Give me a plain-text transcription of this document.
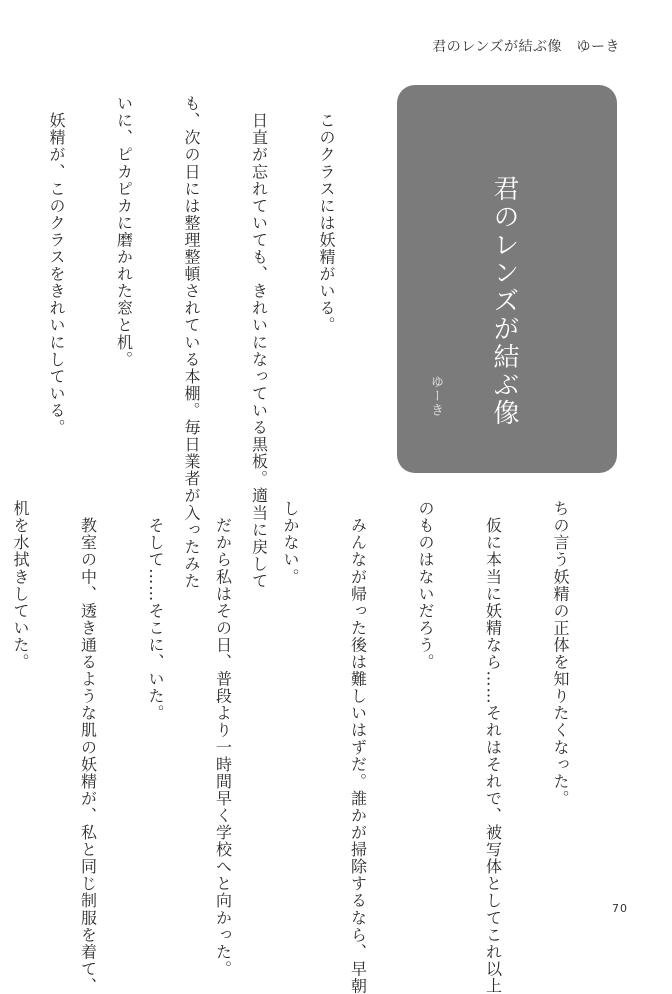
君のレンズが結ぶ像　ゆーき
君のレンズが結ぶ像
ゆーき

　このクラスには妖精がいる。

　日直が忘れていても、きれいになっている黒板。適当に戻して

も、次の日には整理整頓されている本棚。毎日業者が入ったみた

いに、ピカピカに磨かれた窓と机。

　妖精が、このクラスをきれいにしている。

ちの言う妖精の正体を知りたくなった。

　仮に本当に妖精なら……それはそれで、被写体としてこれ以上

のものはないだろう。

　みんなが帰った後は難しいはずだ。誰かが掃除するなら、早朝

しかない。

　だから私はその日、普段より一時間早く学校へと向かった。

　そして……そこに、いた。

　教室の中、透き通るような肌の妖精が、私と同じ制服を着て、

机を水拭きしていた。

70
